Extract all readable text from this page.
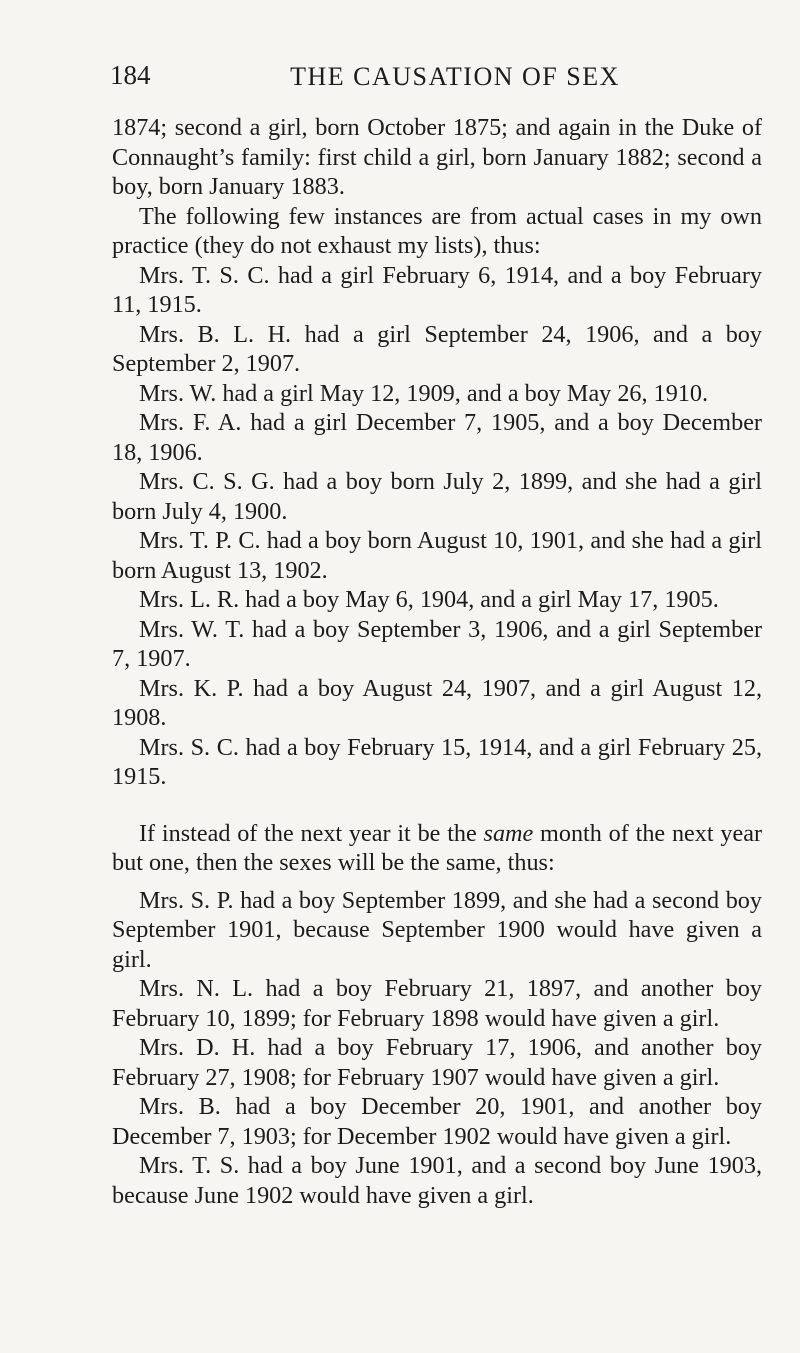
184	THE CAUSATION OF SEX

1874; second a girl, born October 1875; and again in the Duke of Connaught’s family: first child a girl, born January 1882; second a boy, born January 1883.

The following few instances are from actual cases in my own practice (they do not exhaust my lists), thus:

Mrs. T. S. C. had a girl February 6, 1914, and a boy February 11, 1915.

Mrs. B. L. H. had a girl September 24, 1906, and a boy September 2, 1907.

Mrs. W. had a girl May 12, 1909, and a boy May 26, 1910.

Mrs. F. A. had a girl December 7, 1905, and a boy December 18, 1906.

Mrs. C. S. G. had a boy born July 2, 1899, and she had a girl born July 4, 1900.

Mrs. T. P. C. had a boy born August 10, 1901, and she had a girl born August 13, 1902.

Mrs. L. R. had a boy May 6, 1904, and a girl May 17, 1905.

Mrs. W. T. had a boy September 3, 1906, and a girl September 7, 1907.

Mrs. K. P. had a boy August 24, 1907, and a girl August 12, 1908.

Mrs. S. C. had a boy February 15, 1914, and a girl February 25, 1915.

If instead of the next year it be the same month of the next year but one, then the sexes will be the same, thus:

Mrs. S. P. had a boy September 1899, and she had a second boy September 1901, because September 1900 would have given a girl.

Mrs. N. L. had a boy February 21, 1897, and another boy February 10, 1899; for February 1898 would have given a girl.

Mrs. D. H. had a boy February 17, 1906, and another boy February 27, 1908; for February 1907 would have given a girl.

Mrs. B. had a boy December 20, 1901, and another boy December 7, 1903; for December 1902 would have given a girl.

Mrs. T. S. had a boy June 1901, and a second boy June 1903, because June 1902 would have given a girl.
